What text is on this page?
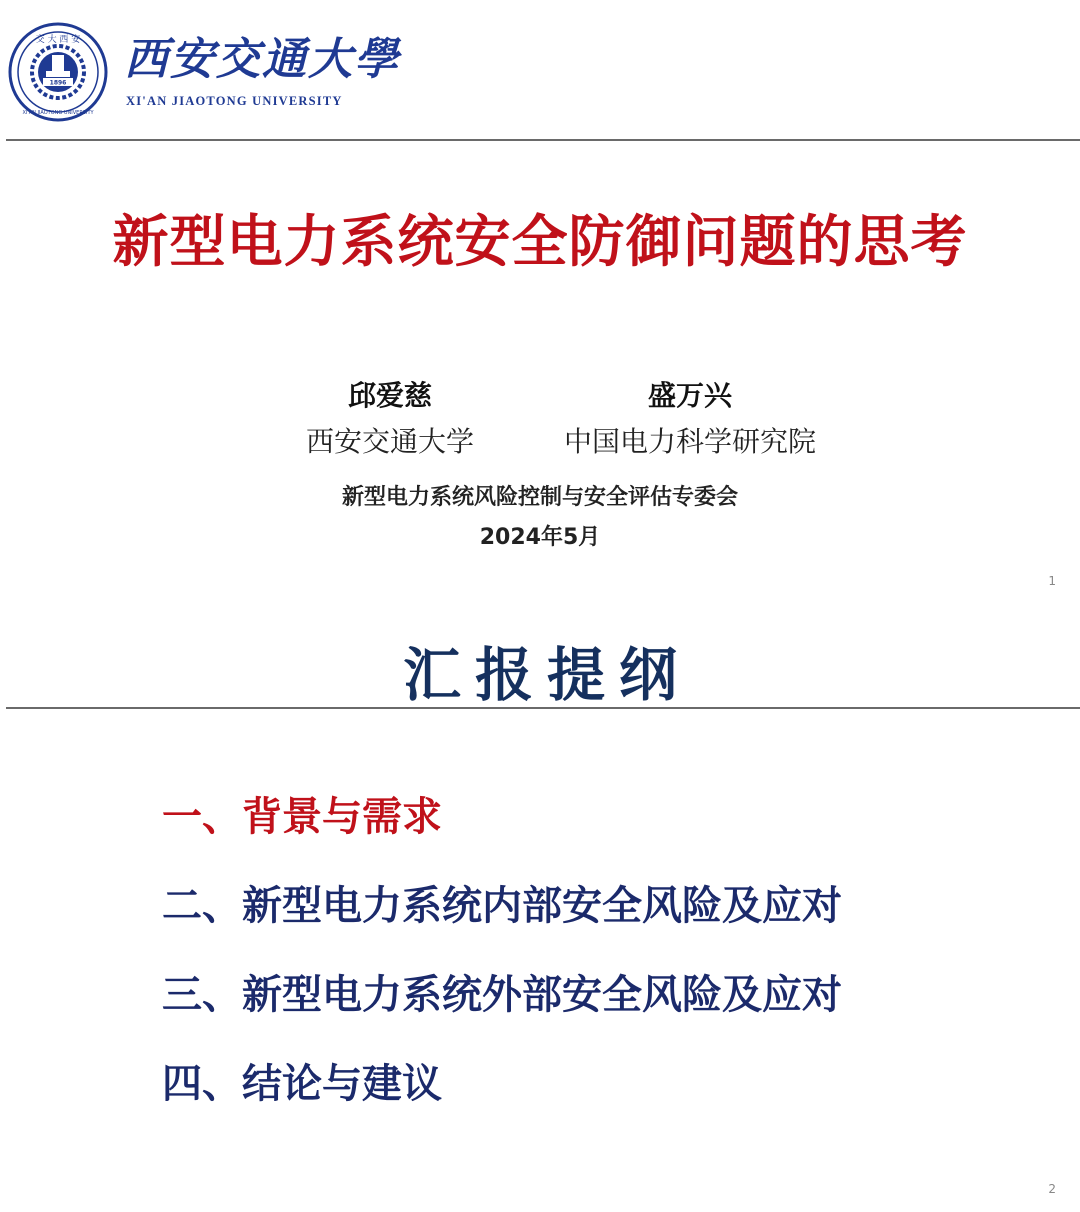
1896
交 大 西 安
XI'AN JIAOTONG UNIVERSITY
西安交通大學
XI'AN JIAOTONG UNIVERSITY
新型电力系统安全防御问题的思考
邱爱慈
西安交通大学
盛万兴
中国电力科学研究院
新型电力系统风险控制与安全评估专委会
2024年5月
1
汇报提纲
一、背景与需求
二、新型电力系统内部安全风险及应对
三、新型电力系统外部安全风险及应对
四、结论与建议
2
